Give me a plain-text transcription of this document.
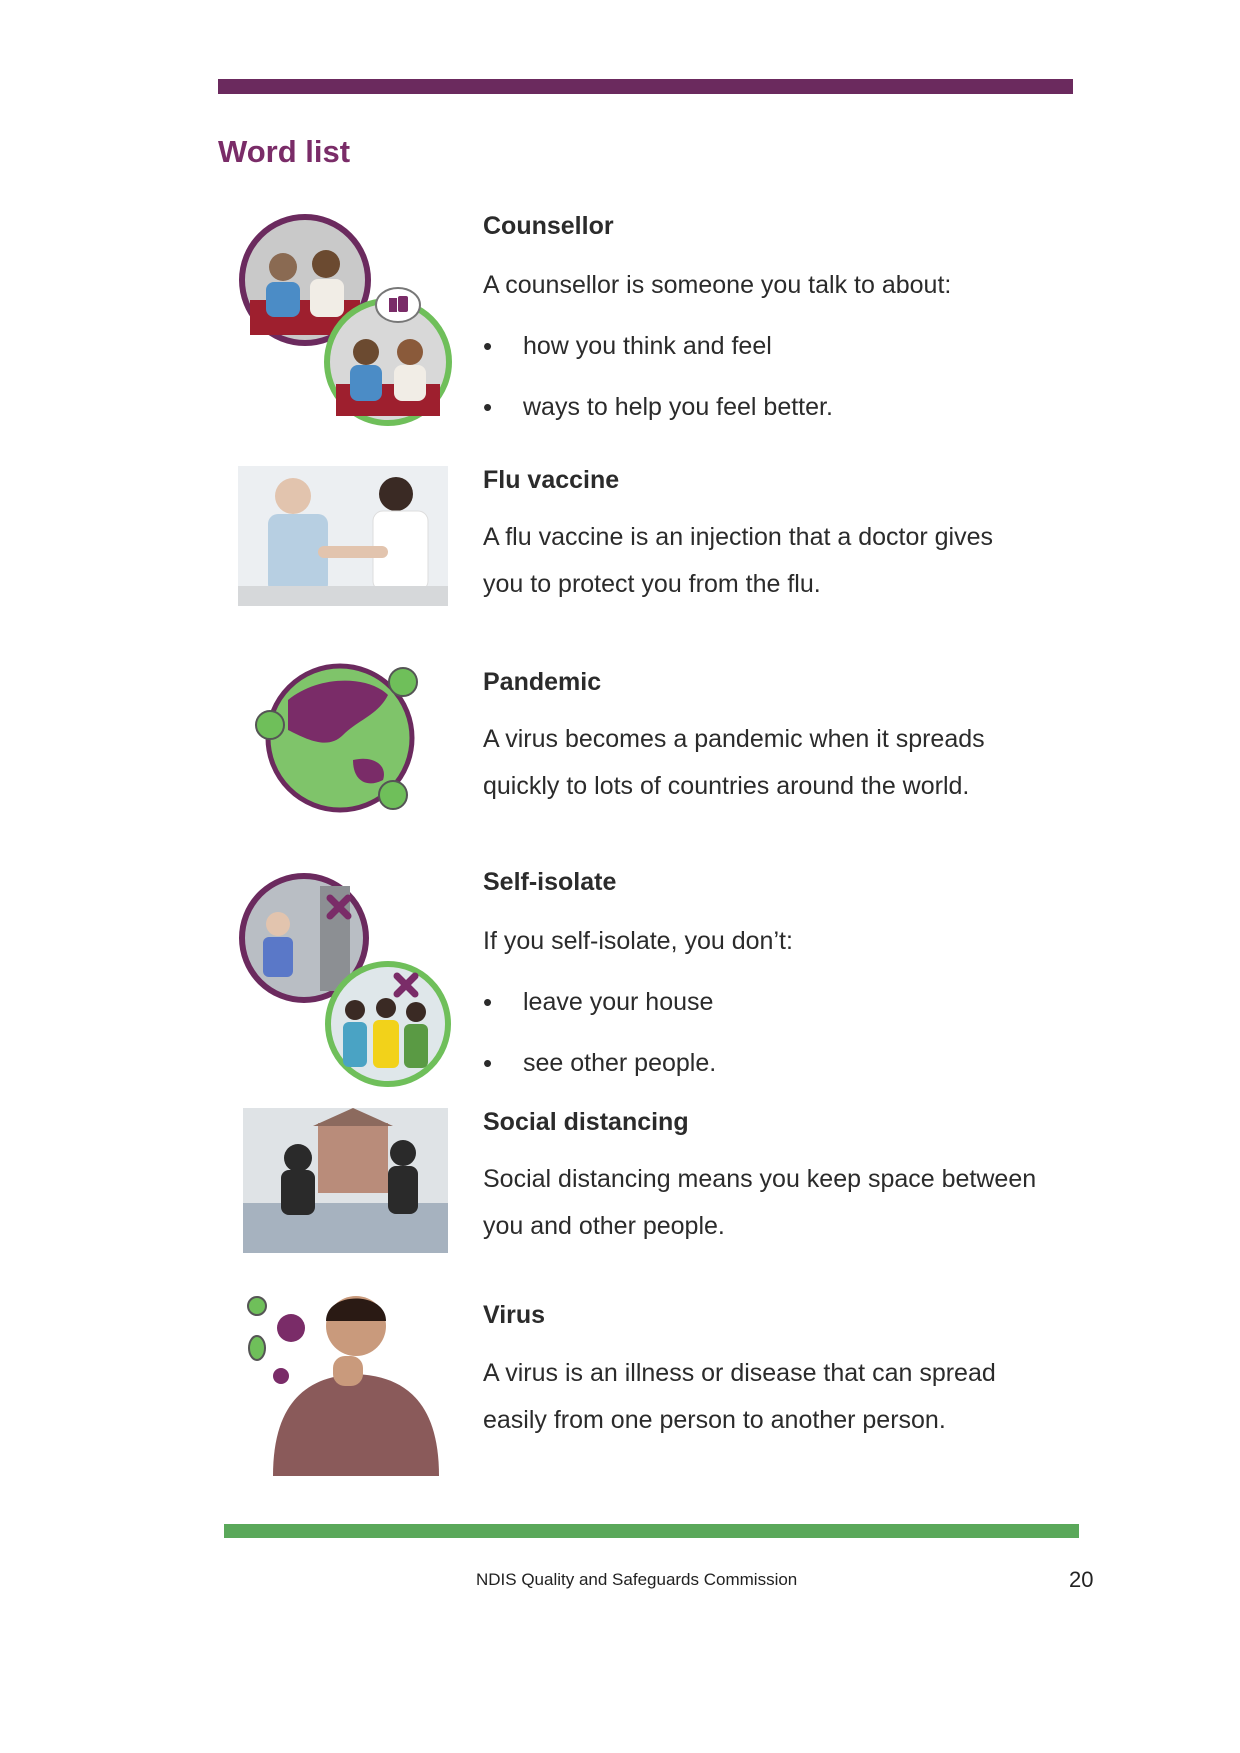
Word list
Counsellor

A counsellor is someone you talk to about:

• how you think and feel
• ways to help you feel better.
Flu vaccine

A flu vaccine is an injection that a doctor gives

you to protect you from the flu.

Pandemic

A virus becomes a pandemic when it spreads

quickly to lots of countries around the world.

Self-isolate

If you self-isolate, you don’t:

• leave your house
• see other people.
Social distancing

Social distancing means you keep space between

you and other people.

Virus

A virus is an illness or disease that can spread

easily from one person to another person.

NDIS Quality and Safeguards Commission	20
